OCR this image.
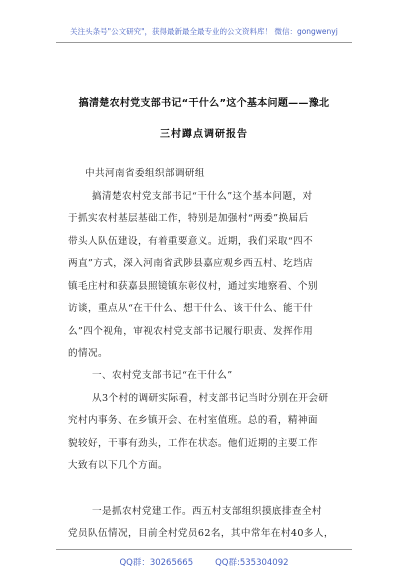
关注头条号"公文研究"，获得最新最全最专业的公文资料库！ 微信：gongwenyj
搞清楚农村党支部书记“干什么”这个基本问题——豫北
三村蹲点调研报告
中共河南省委组织部调研组
搞清楚农村党支部书记“干什么”这个基本问题，对
于抓实农村基层基础工作，特别是加强村“两委”换届后
带头人队伍建设，有着重要意义。近期，我们采取“四不
两直”方式，深入河南省武陟县嘉应观乡西五村、圪垱店
镇毛庄村和获嘉县照镜镇东彰仪村，通过实地察看、个别
访谈，重点从“在干什么、想干什么、该干什么、能干什
么”四个视角，审视农村党支部书记履行职责、发挥作用
的情况。
一、农村党支部书记“在干什么”
从3个村的调研实际看，村支部书记当时分别在开会研
究村内事务、在乡镇开会、在村室值班。总的看，精神面
貌较好，干事有劲头，工作在状态。他们近期的主要工作
大致有以下几个方面。
一是抓农村党建工作。西五村支部组织摸底排查全村
党员队伍情况，目前全村党员62名，其中常年在村40多人，
QQ群：30265665	QQ群:535304092
